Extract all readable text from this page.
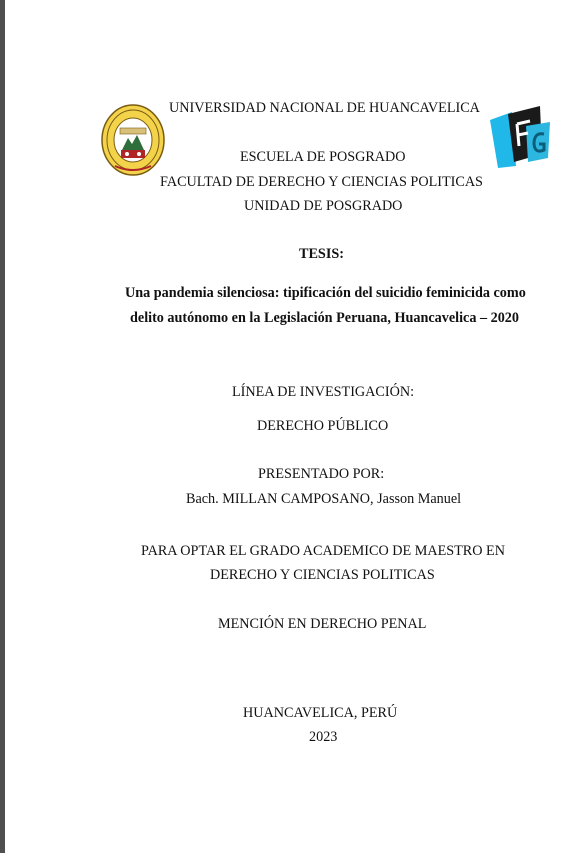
UNIVERSIDAD NACIONAL DE HUANCAVELICA
ESCUELA DE POSGRADO
FACULTAD DE DERECHO Y CIENCIAS POLITICAS
UNIDAD DE POSGRADO
TESIS:
Una pandemia silenciosa: tipificación del suicidio feminicida como
delito autónomo en la Legislación Peruana, Huancavelica – 2020
LÍNEA DE INVESTIGACIÓN:
DERECHO PÚBLICO
PRESENTADO POR:
Bach. MILLAN CAMPOSANO, Jasson Manuel
PARA OPTAR EL GRADO ACADEMICO DE MAESTRO EN
DERECHO Y CIENCIAS POLITICAS
MENCIÓN EN DERECHO PENAL
HUANCAVELICA, PERÚ
2023
